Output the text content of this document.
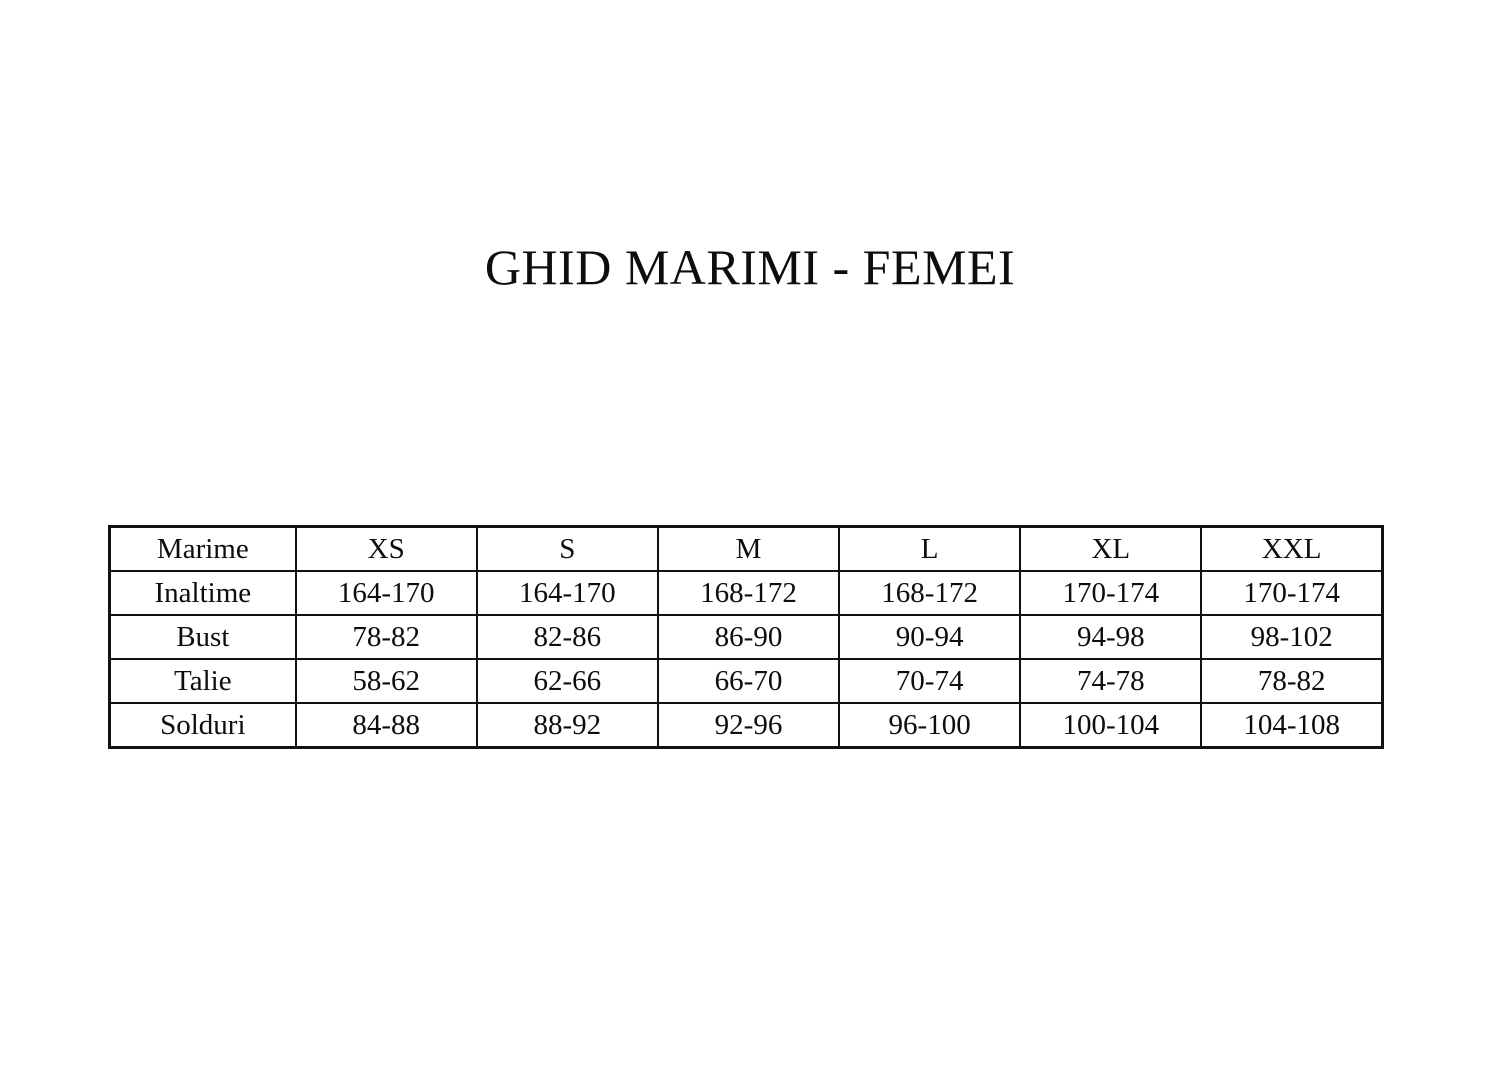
GHID MARIMI - FEMEI
Marime	XS	S	M	L	XL	XXL
Inaltime	164-170	164-170	168-172	168-172	170-174	170-174
Bust	78-82	82-86	86-90	90-94	94-98	98-102
Talie	58-62	62-66	66-70	70-74	74-78	78-82
Solduri	84-88	88-92	92-96	96-100	100-104	104-108
